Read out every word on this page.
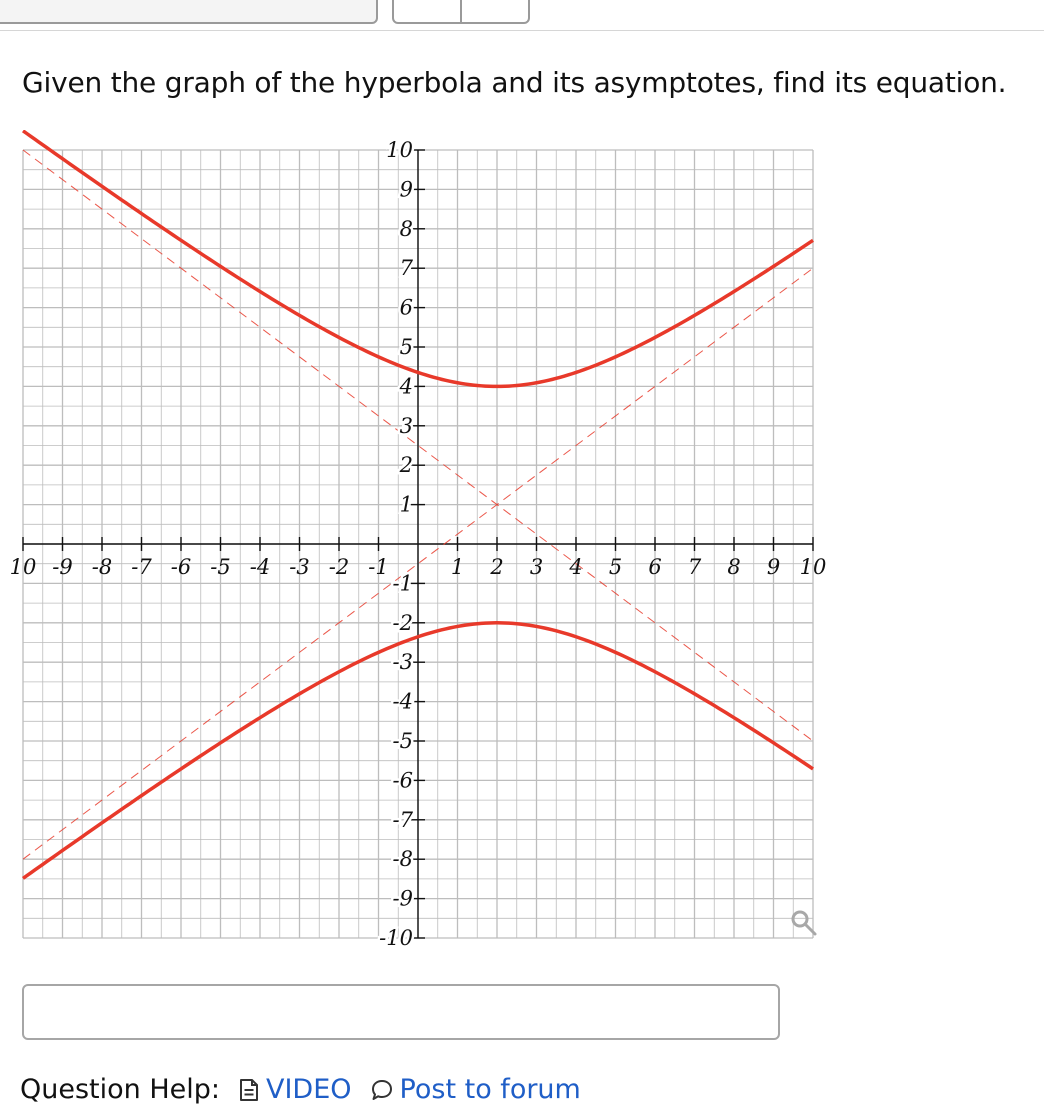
Given the graph of the hyperbola and its asymptotes, find its equation.
10 -9 -8 -7 -6 -5 -4 -3 -2 -1	1 2 3 4 5 6 7 8 9 10
10
9
8
7
6
5
4
3
2
1
-1
-2
-3
-4
-5
-6
-7
-8
-9
-10
Question Help: VIDEO Post to forum
